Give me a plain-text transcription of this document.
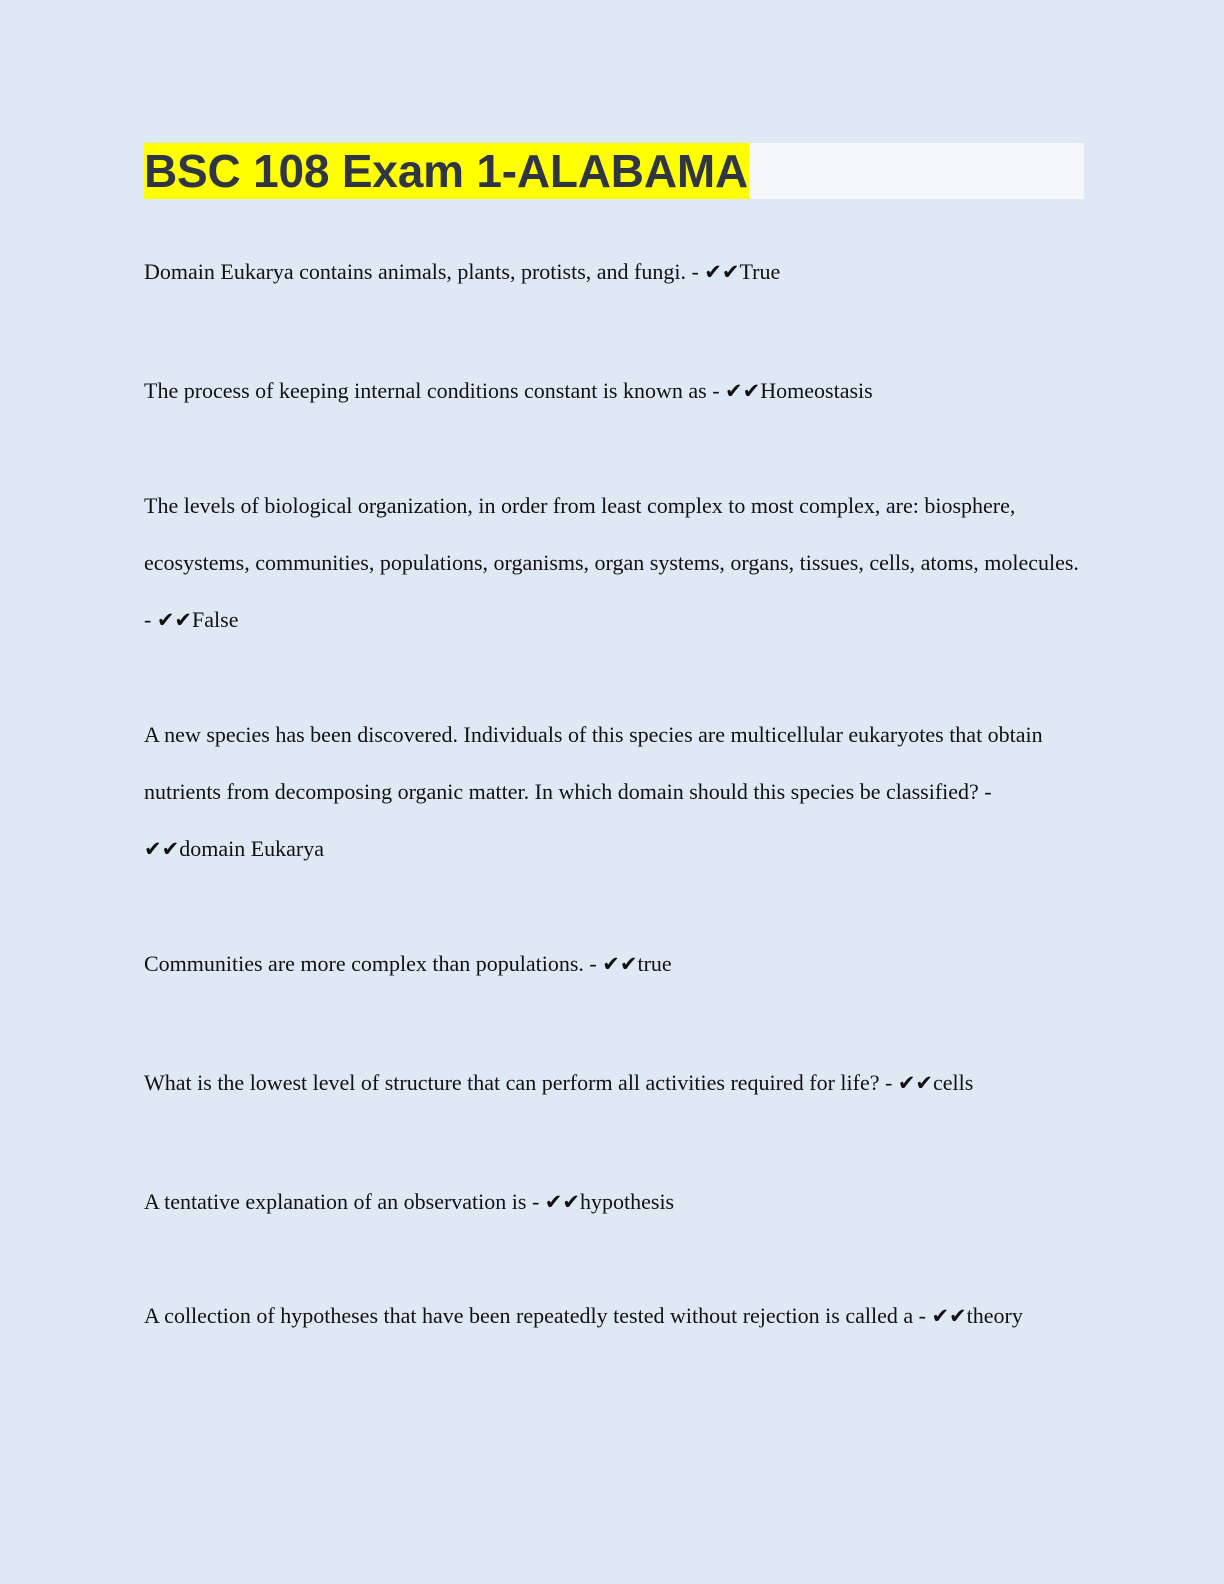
BSC 108 Exam 1-ALABAMA

Domain Eukarya contains animals, plants, protists, and fungi. - ✔✔True

The process of keeping internal conditions constant is known as - ✔✔Homeostasis

The levels of biological organization, in order from least complex to most complex, are: biosphere, ecosystems, communities, populations, organisms, organ systems, organs, tissues, cells, atoms, molecules. - ✔✔False

A new species has been discovered. Individuals of this species are multicellular eukaryotes that obtain nutrients from decomposing organic matter. In which domain should this species be classified? - ✔✔domain Eukarya

Communities are more complex than populations. - ✔✔true

What is the lowest level of structure that can perform all activities required for life? - ✔✔cells

A tentative explanation of an observation is - ✔✔hypothesis

A collection of hypotheses that have been repeatedly tested without rejection is called a - ✔✔theory
